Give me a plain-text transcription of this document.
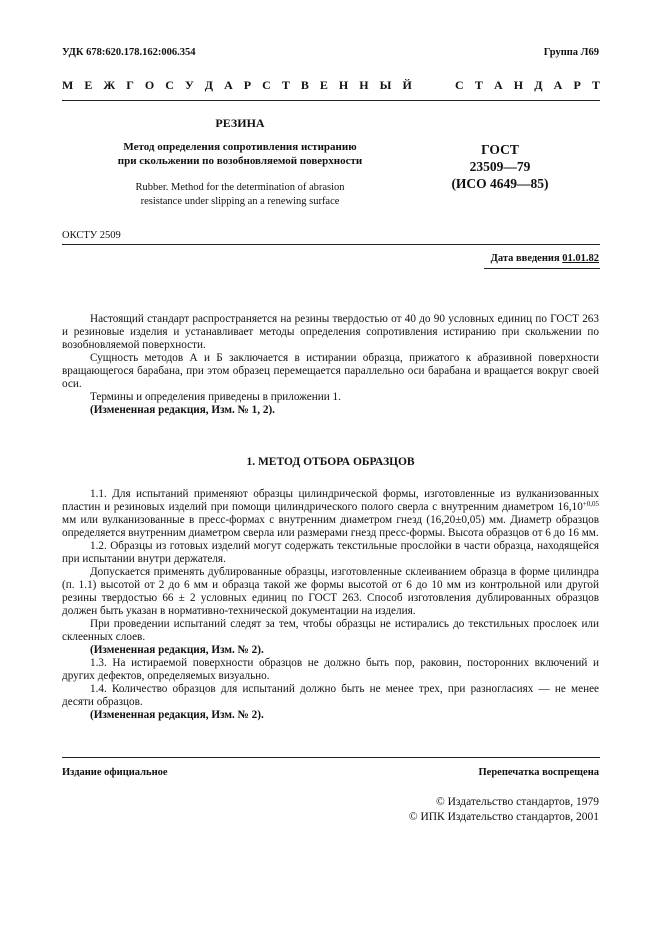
УДК 678:620.178.162:006.354	Группа Л69
М Е Ж Г О С У Д А Р С Т В Е Н Н Ы Й	С Т А Н Д А Р Т
РЕЗИНА
Метод определения сопротивления истиранию
при скольжении по возобновляемой поверхности
Rubber. Method for the determination of abrasion
resistance under slipping an a renewing surface
ГОСТ
23509—79
(ИСО 4649—85)
ОКСТУ 2509
Дата введения 01.01.82

Настоящий стандарт распространяется на резины твердостью от 40 до 90 условных единиц по ГОСТ 263 и резиновые изделия и устанавливает методы определения сопротивления истиранию при скольжении по возобновляемой поверхности.

Сущность методов А и Б заключается в истирании образца, прижатого к абразивной поверхности вращающегося барабана, при этом образец перемещается параллельно оси барабана и вращается вокруг своей оси.

Термины и определения приведены в приложении 1.

(Измененная редакция, Изм. № 1, 2).

1. МЕТОД ОТБОРА ОБРАЗЦОВ

1.1. Для испытаний применяют образцы цилиндрической формы, изготовленные из вулканизованных пластин и резиновых изделий при помощи цилиндрического полого сверла с внутренним диаметром $16,10^{+0,05}$ мм или вулканизованные в пресс-формах с внутренним диаметром гнезд (16,20±0,05) мм. Диаметр образцов определяется внутренним диаметром сверла или размерами гнезд пресс-формы. Высота образцов от 6 до 16 мм.

1.2. Образцы из готовых изделий могут содержать текстильные прослойки в части образца, находящейся при испытании внутри держателя.

Допускается применять дублированные образцы, изготовленные склеиванием образца в форме цилиндра (п. 1.1) высотой от 2 до 6 мм и образца такой же формы высотой от 6 до 10 мм из контрольной или другой резины твердостью 66 ± 2 условных единиц по ГОСТ 263. Способ изготовления дублированных образцов должен быть указан в нормативно-технической документации на изделия.

При проведении испытаний следят за тем, чтобы образцы не истирались до текстильных прослоек или склеенных слоев.

(Измененная редакция, Изм. № 2).

1.3. На истираемой поверхности образцов не должно быть пор, раковин, посторонних включений и других дефектов, определяемых визуально.

1.4. Количество образцов для испытаний должно быть не менее трех, при разногласиях — не менее десяти образцов.

(Измененная редакция, Изм. № 2).

Издание официальное	Перепечатка воспрещена
© Издательство стандартов, 1979
© ИПК Издательство стандартов, 2001
